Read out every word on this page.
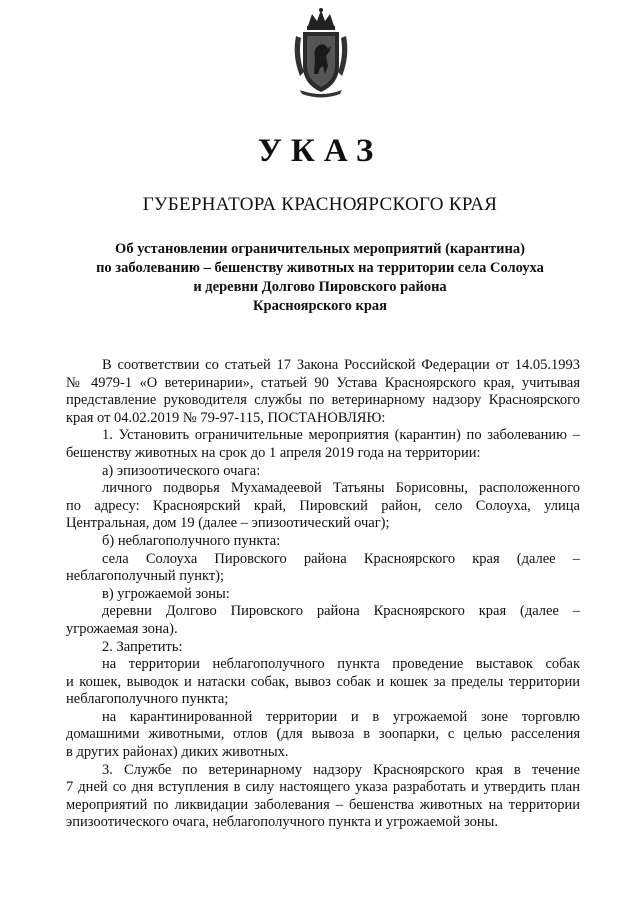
УКАЗ
ГУБЕРНАТОРА КРАСНОЯРСКОГО КРАЯ
Об установлении ограничительных мероприятий (карантина)
по заболеванию – бешенству животных на территории села Солоуха
и деревни Долгово Пировского района
Красноярского края

В соответствии со статьей 17 Закона Российской Федерации от 14.05.1993
№ 4979-1 «О ветеринарии», статьей 90 Устава Красноярского края, учитывая
представление руководителя службы по ветеринарному надзору Красноярского
края от 04.02.2019 № 79-97-115, ПОСТАНОВЛЯЮ:

1. Установить ограничительные мероприятия (карантин) по заболеванию –
бешенству животных на срок до 1 апреля 2019 года на территории:

а) эпизоотического очага:

личного подворья Мухамадеевой Татьяны Борисовны, расположенного
по адресу: Красноярский край, Пировский район, село Солоуха, улица
Центральная, дом 19 (далее – эпизоотический очаг);

б) неблагополучного пункта:

села Солоуха Пировского района Красноярского края (далее –
неблагополучный пункт);

в) угрожаемой зоны:

деревни Долгово Пировского района Красноярского края (далее –
угрожаемая зона).

2. Запретить:

на территории неблагополучного пункта проведение выставок собак
и кошек, выводок и натаски собак, вывоз собак и кошек за пределы территории
неблагополучного пункта;

на карантинированной территории и в угрожаемой зоне торговлю
домашними животными, отлов (для вывоза в зоопарки, с целью расселения
в других районах) диких животных.

3. Службе по ветеринарному надзору Красноярского края в течение
7 дней со дня вступления в силу настоящего указа разработать и утвердить план
мероприятий по ликвидации заболевания – бешенства животных на территории
эпизоотического очага, неблагополучного пункта и угрожаемой зоны.
